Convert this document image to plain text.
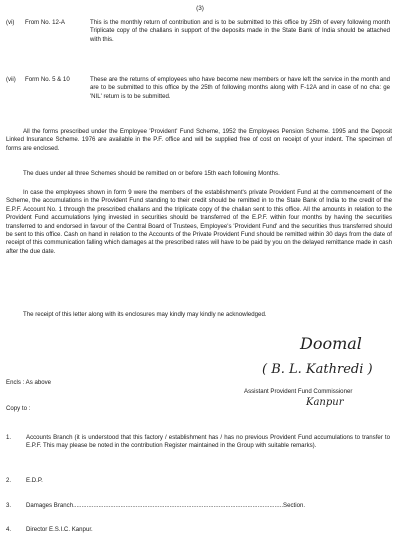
(3)
(vi) From No. 12-A	This is the monthly return of contribution and is to be submitted to this office by 25th of every following month Triplicate copy of the challans in support of the deposits made in the State Bank of India should be attached with this.
(vii) Form No. 5 & 10	These are the returns of employees who have become new members or have left the service in the month and are to be submitted to this office by the 25th of following months along with F-12A and in case of no cha: ge 'NIL' return is to be submitted.
All the forms prescribed under the Employee 'Provident' Fund Scheme, 1952 the Employees Pension Scheme. 1995 and the Deposit Linked Insurance Scheme. 1976 are available in the P.F. office and will be supplied free of cost on receipt of your indent. The specimen of forms are enclosed.
The dues under all three Schemes should be remitted on or before 15th each following Months.
In case the employees shown in form 9 were the members of the establishment's private Provident Fund at the commencement of the Scheme, the accumulations in the Provident Fund standing to their credit should be remitted in to the State Bank of India to the credit of the E.P.F. Account No. 1 through the prescribed challans and the triplicate copy of the challan sent to this office. All the amounts in relation to the Provident Fund accumulations lying invested in securities should be transferred of the E.P.F. within four months by having the securities transferred to and endorsed in favour of the Central Board of Trustees, Employee's 'Provident Fund' and the securities thus transferred should be sent to this office. Cash on hand in relation to the Accounts of the Private Provident Fund should be remitted within 30 days from the date of receipt of this communication falling which damages at the prescribed rates will have to be paid by you on the delayed remittance made in cash after the due date.
The receipt of this letter along with its enclosures may kindly may kindly ne acknowledged.
Doomal
( B. L. Kathredi )
Assistant Provident Fund Commissioner
Kanpur
Encls : As above
Copy to :
1. Accounts Branch (it is understood that this factory / establishment has / has no previous Provident Fund accumulations to transfer to E.P.F. This may please be noted in the contribution Register maintained in the Group with suitable remarks).
2. E.D.P.
3. Damages Branch............................................................................................................................Section.
4. Director E.S.I.C. Kanpur.
